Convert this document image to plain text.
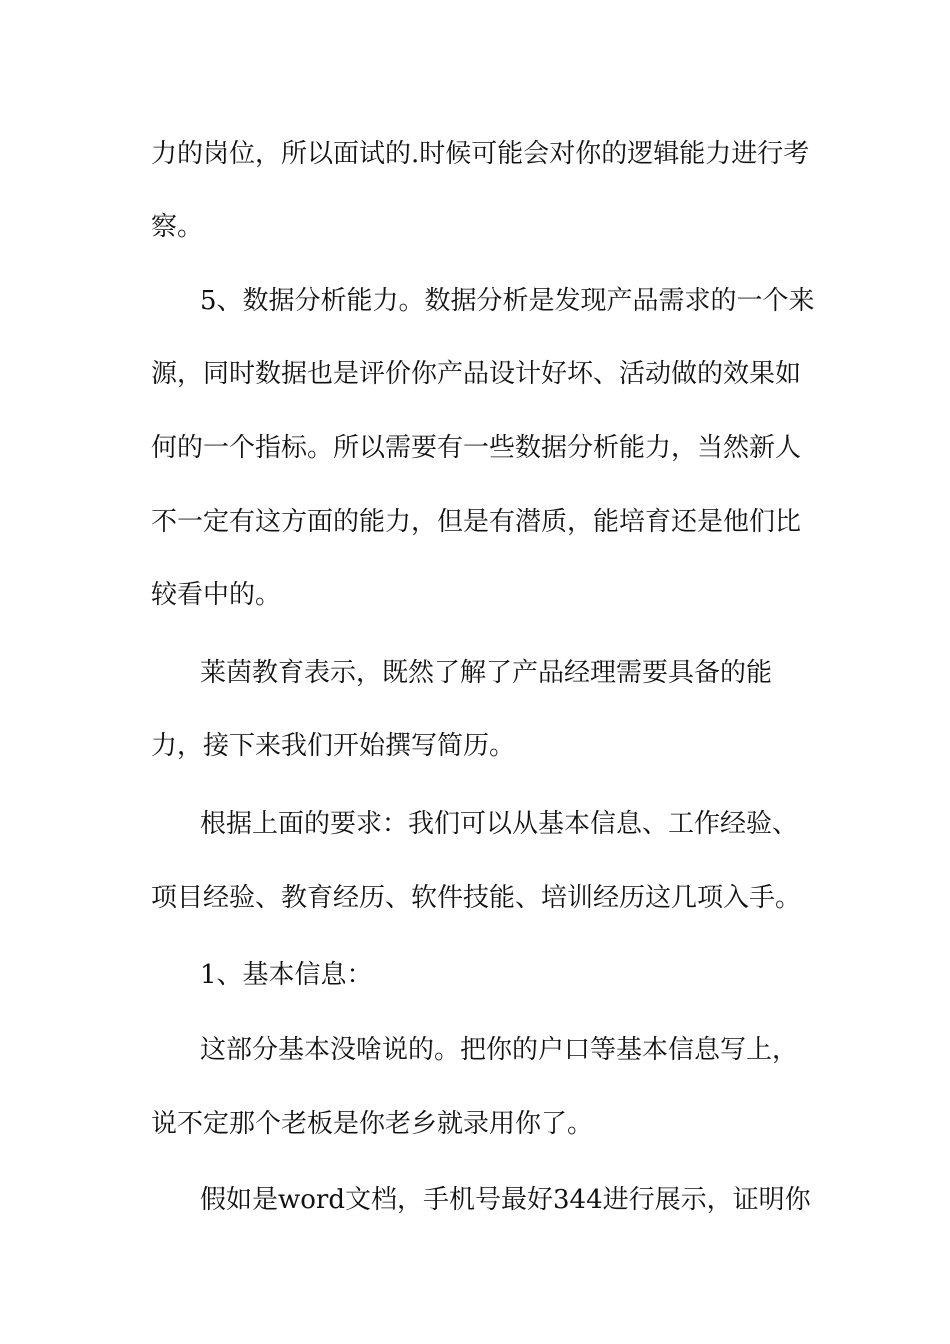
力的岗位，所以面试的.时候可能会对你的逻辑能力进行考
察。
5、数据分析能力。数据分析是发现产品需求的一个来
源，同时数据也是评价你产品设计好坏、活动做的效果如
何的一个指标。所以需要有一些数据分析能力，当然新人
不一定有这方面的能力，但是有潜质，能培育还是他们比
较看中的。
莱茵教育表示，既然了解了产品经理需要具备的能
力，接下来我们开始撰写简历。
根据上面的要求：我们可以从基本信息、工作经验、
项目经验、教育经历、软件技能、培训经历这几项入手。
1、基本信息：
这部分基本没啥说的。把你的户口等基本信息写上，
说不定那个老板是你老乡就录用你了。
假如是word文档，手机号最好344进行展示，证明你
